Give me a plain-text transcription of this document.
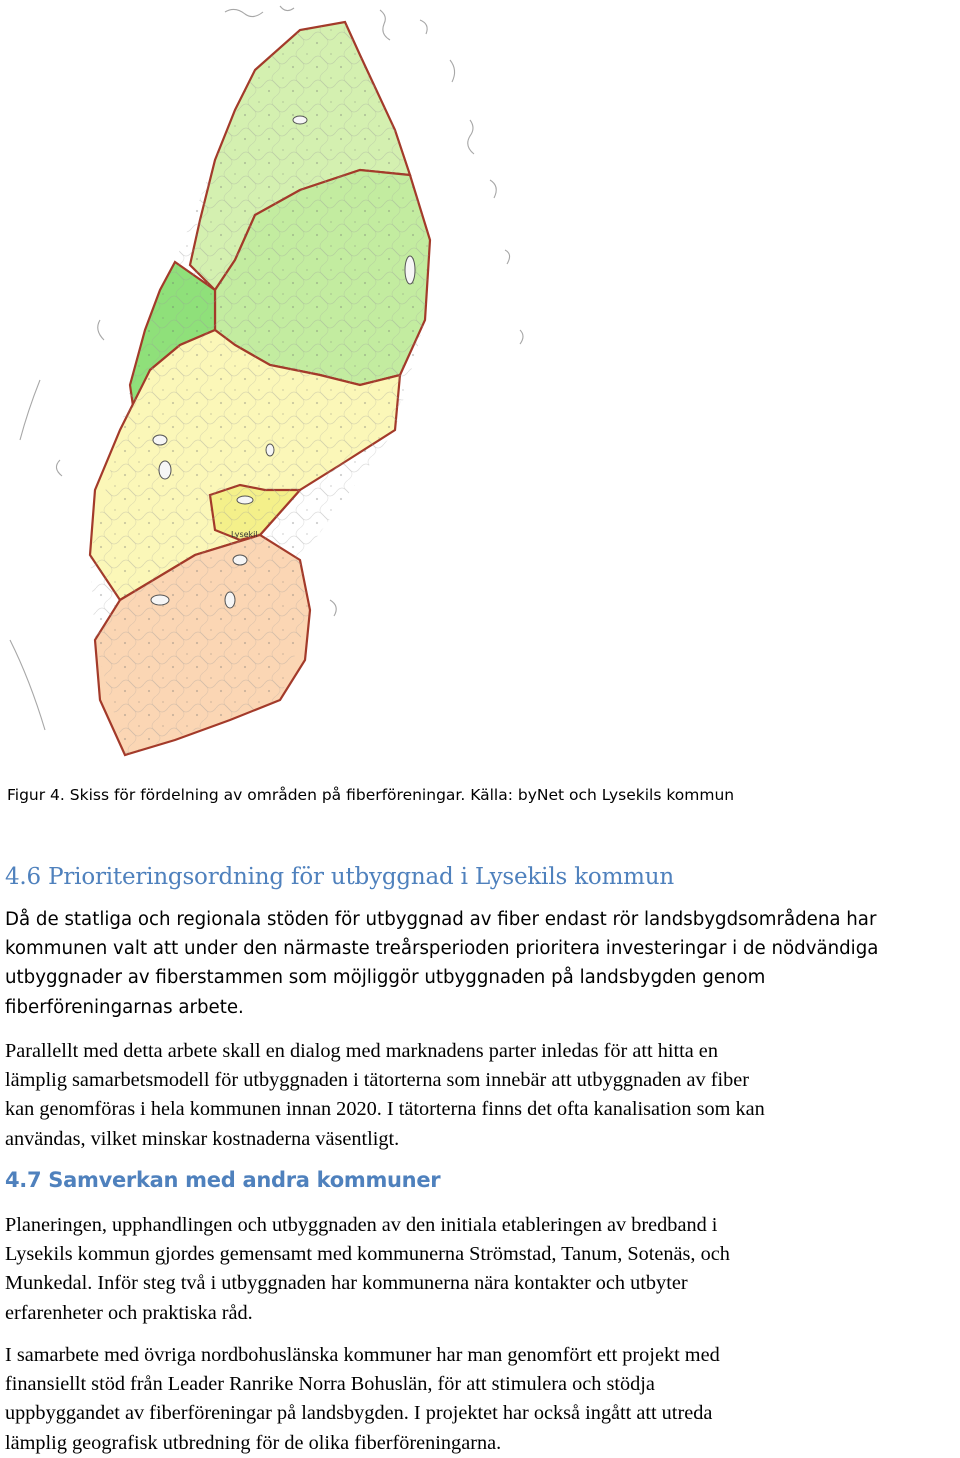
Lysekil
Figur 4. Skiss för fördelning av områden på fiberföreningar. Källa: byNet och Lysekils kommun
4.6 Prioriteringsordning för utbyggnad i Lysekils kommun
Då de statliga och regionala stöden för utbyggnad av fiber endast rör landsbygdsområdena har
kommunen valt att under den närmaste treårsperioden prioritera investeringar i de nödvändiga
utbyggnader av fiberstammen som möjliggör utbyggnaden på landsbygden genom
fiberföreningarnas arbete.
Parallellt med detta arbete skall en dialog med marknadens parter inledas för att hitta en
lämplig samarbetsmodell för utbyggnaden i tätorterna som innebär att utbyggnaden av fiber
kan genomföras i hela kommunen innan 2020. I tätorterna finns det ofta kanalisation som kan
användas, vilket minskar kostnaderna väsentligt.
4.7 Samverkan med andra kommuner
Planeringen, upphandlingen och utbyggnaden av den initiala etableringen av bredband i
Lysekils kommun gjordes gemensamt med kommunerna Strömstad, Tanum, Sotenäs, och
Munkedal. Inför steg två i utbyggnaden har kommunerna nära kontakter och utbyter
erfarenheter och praktiska råd.
I samarbete med övriga nordbohuslänska kommuner har man genomfört ett projekt med
finansiellt stöd från Leader Ranrike Norra Bohuslän, för att stimulera och stödja
uppbyggandet av fiberföreningar på landsbygden. I projektet har också ingått att utreda
lämplig geografisk utbredning för de olika fiberföreningarna.
